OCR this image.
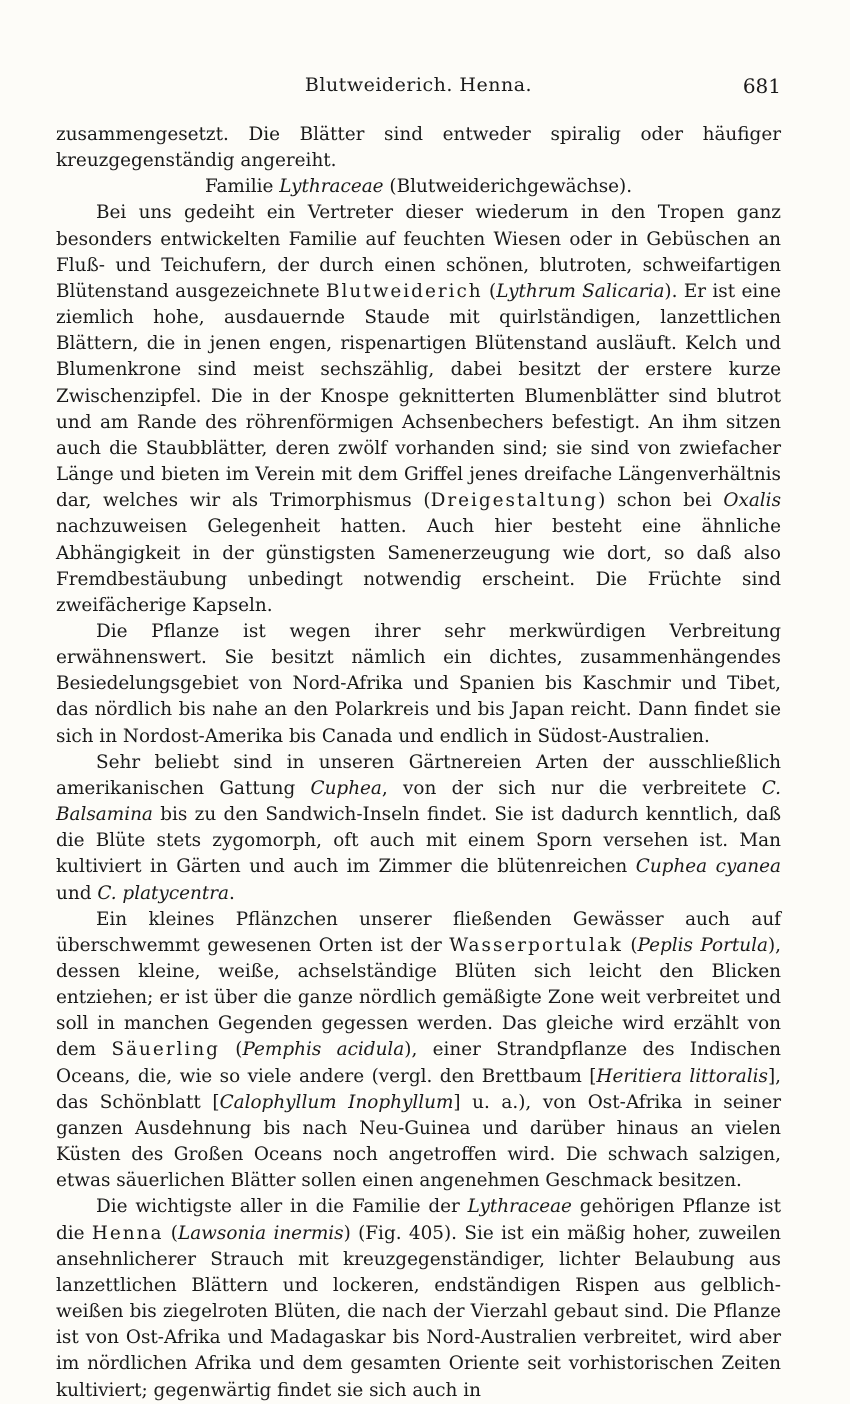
Blutweiderich. Henna.	681

zusammengesetzt. Die Blätter sind entweder spiralig oder häufiger kreuzgegenständig angereiht.

Familie Lythraceae (Blutweiderichgewächse).

Bei uns gedeiht ein Vertreter dieser wiederum in den Tropen ganz besonders entwickelten Familie auf feuchten Wiesen oder in Gebüschen an Fluß- und Teichufern, der durch einen schönen, blutroten, schweifartigen Blütenstand ausgezeichnete Blutweiderich (Lythrum Salicaria). Er ist eine ziemlich hohe, ausdauernde Staude mit quirlständigen, lanzettlichen Blättern, die in jenen engen, rispenartigen Blütenstand ausläuft. Kelch und Blumenkrone sind meist sechszählig, dabei besitzt der erstere kurze Zwischenzipfel. Die in der Knospe geknitterten Blumenblätter sind blutrot und am Rande des röhrenförmigen Achsenbechers befestigt. An ihm sitzen auch die Staubblätter, deren zwölf vorhanden sind; sie sind von zwiefacher Länge und bieten im Verein mit dem Griffel jenes dreifache Längenverhältnis dar, welches wir als Trimorphismus (Dreigestaltung) schon bei Oxalis nachzuweisen Gelegenheit hatten. Auch hier besteht eine ähnliche Abhängigkeit in der günstigsten Samenerzeugung wie dort, so daß also Fremdbestäubung unbedingt notwendig erscheint. Die Früchte sind zweifächerige Kapseln.

Die Pflanze ist wegen ihrer sehr merkwürdigen Verbreitung erwähnenswert. Sie besitzt nämlich ein dichtes, zusammenhängendes Besiedelungsgebiet von Nord-Afrika und Spanien bis Kaschmir und Tibet, das nördlich bis nahe an den Polarkreis und bis Japan reicht. Dann findet sie sich in Nordost-Amerika bis Canada und endlich in Südost-Australien.

Sehr beliebt sind in unseren Gärtnereien Arten der ausschließlich amerikanischen Gattung Cuphea, von der sich nur die verbreitete C. Balsamina bis zu den Sandwich-Inseln findet. Sie ist dadurch kenntlich, daß die Blüte stets zygomorph, oft auch mit einem Sporn versehen ist. Man kultiviert in Gärten und auch im Zimmer die blütenreichen Cuphea cyanea und C. platycentra.

Ein kleines Pflänzchen unserer fließenden Gewässer auch auf überschwemmt gewesenen Orten ist der Wasserportulak (Peplis Portula), dessen kleine, weiße, achselständige Blüten sich leicht den Blicken entziehen; er ist über die ganze nördlich gemäßigte Zone weit verbreitet und soll in manchen Gegenden gegessen werden. Das gleiche wird erzählt von dem Säuerling (Pemphis acidula), einer Strandpflanze des Indischen Oceans, die, wie so viele andere (vergl. den Brettbaum [Heritiera littoralis], das Schönblatt [Calophyllum Inophyllum] u. a.), von Ost-Afrika in seiner ganzen Ausdehnung bis nach Neu-Guinea und darüber hinaus an vielen Küsten des Großen Oceans noch angetroffen wird. Die schwach salzigen, etwas säuerlichen Blätter sollen einen angenehmen Geschmack besitzen.

Die wichtigste aller in die Familie der Lythraceae gehörigen Pflanze ist die Henna (Lawsonia inermis) (Fig. 405). Sie ist ein mäßig hoher, zuweilen ansehnlicherer Strauch mit kreuzgegenständiger, lichter Belaubung aus lanzettlichen Blättern und lockeren, endständigen Rispen aus gelblich-weißen bis ziegelroten Blüten, die nach der Vierzahl gebaut sind. Die Pflanze ist von Ost-Afrika und Madagaskar bis Nord-Australien verbreitet, wird aber im nördlichen Afrika und dem gesamten Oriente seit vorhistorischen Zeiten kultiviert; gegenwärtig findet sie sich auch in
